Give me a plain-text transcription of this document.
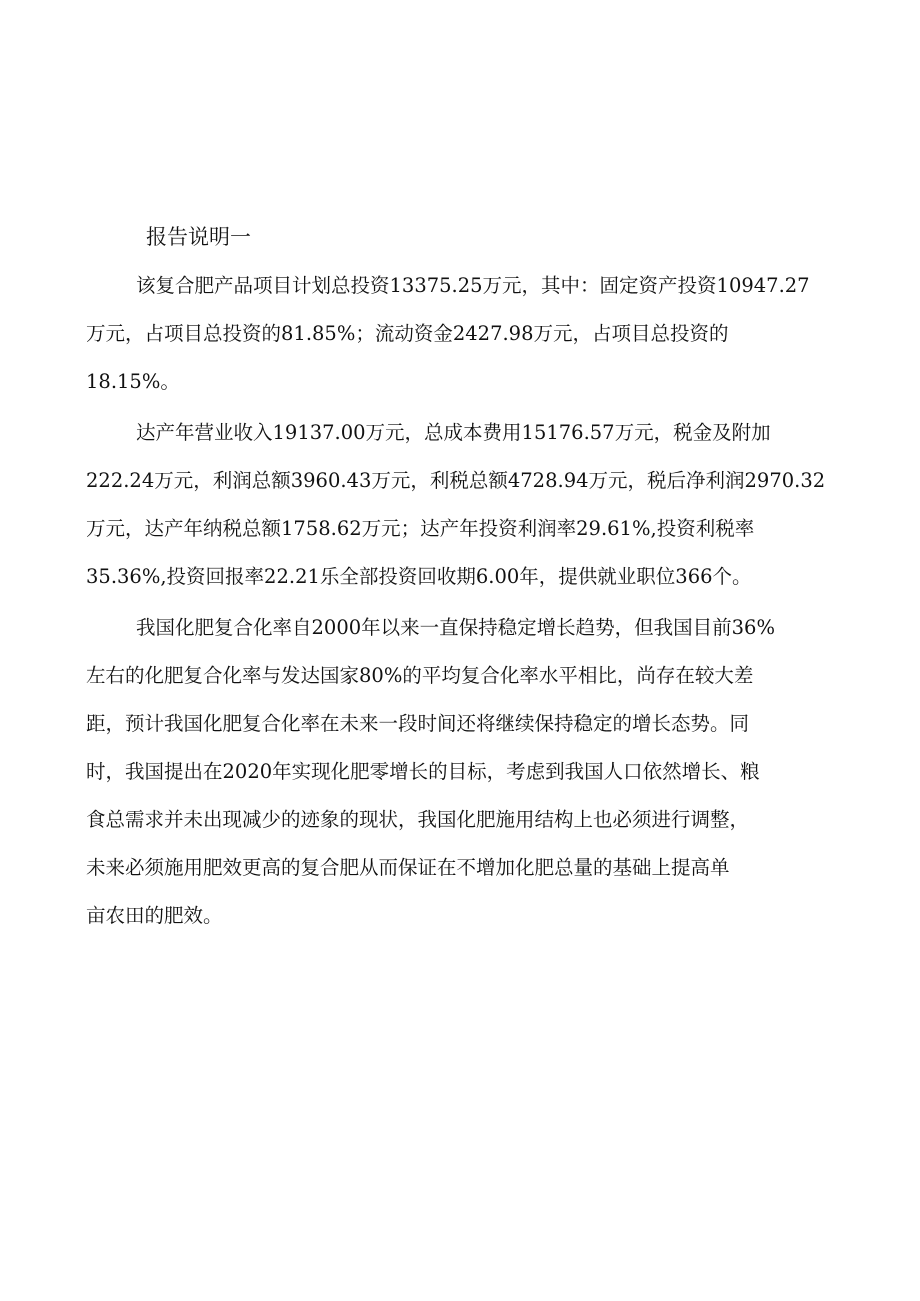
报告说明一

该复合肥产品项目计划总投资13375.25万元，其中：固定资产投资10947.27
万元，占项目总投资的81.85%；流动资金2427.98万元，占项目总投资的
18.15%。

达产年营业收入19137.00万元，总成本费用15176.57万元，税金及附加
222.24万元，利润总额3960.43万元，利税总额4728.94万元，税后净利润2970.32
万元，达产年纳税总额1758.62万元；达产年投资利润率29.61%,投资利税率
35.36%,投资回报率22.21乐全部投资回收期6.00年，提供就业职位366个。

我国化肥复合化率自2000年以来一直保持稳定增长趋势，但我国目前36%
左右的化肥复合化率与发达国家80%的平均复合化率水平相比，尚存在较大差
距，预计我国化肥复合化率在未来一段时间还将继续保持稳定的增长态势。同
时，我国提出在2020年实现化肥零增长的目标，考虑到我国人口依然增长、粮
食总需求并未出现减少的迹象的现状，我国化肥施用结构上也必须进行调整，
未来必须施用肥效更高的复合肥从而保证在不增加化肥总量的基础上提高单
亩农田的肥效。
